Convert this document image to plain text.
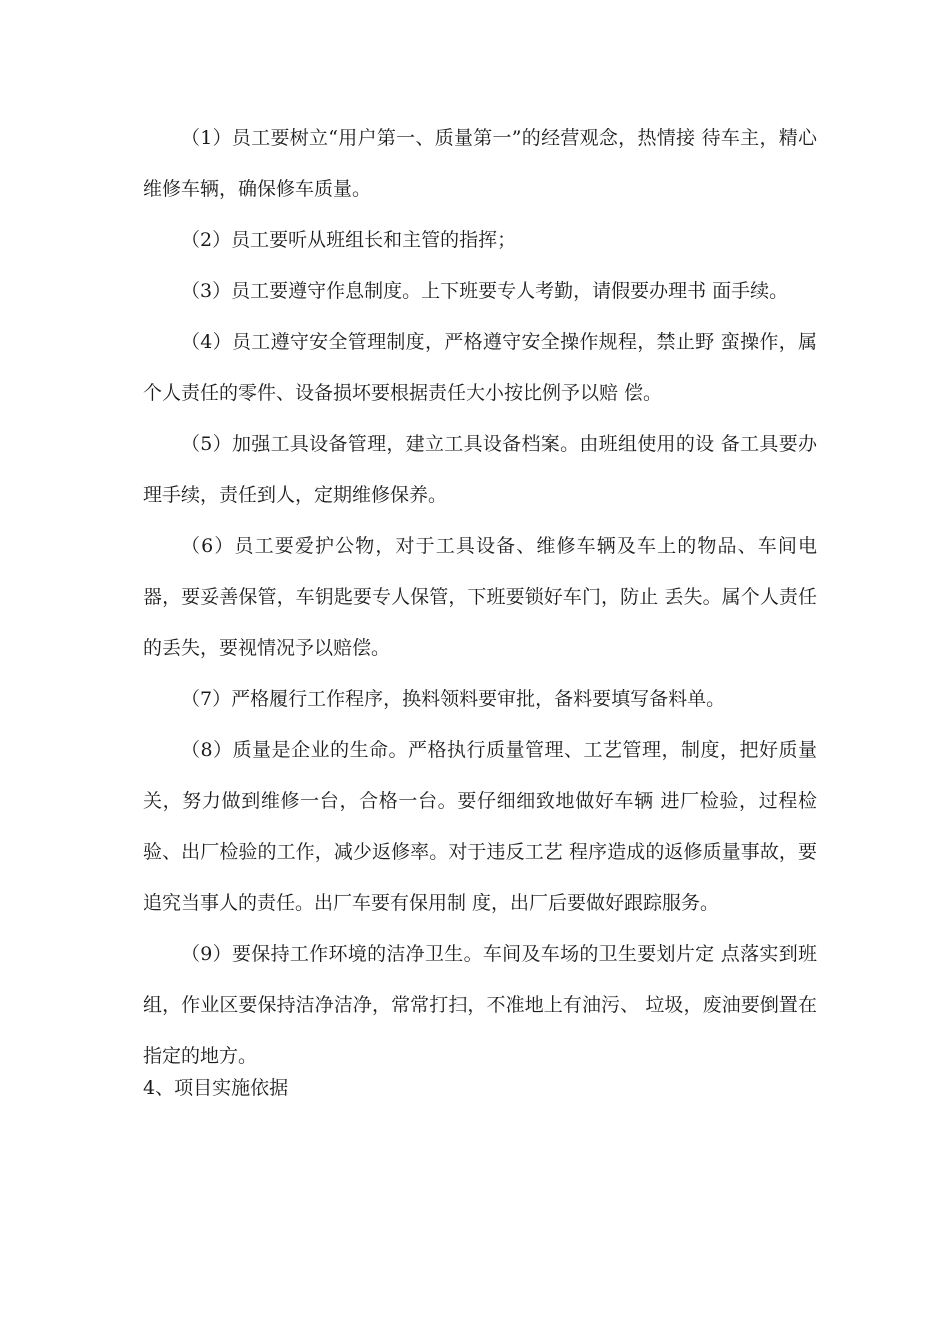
（1）员工要树立“用户第一、质量第一”的经营观念，热情接 待车主，精心维修车辆，确保修车质量。

（2）员工要听从班组长和主管的指挥；

（3）员工要遵守作息制度。上下班要专人考勤，请假要办理书 面手续。

（4）员工遵守安全管理制度，严格遵守安全操作规程，禁止野 蛮操作，属个人责任的零件、设备损坏要根据责任大小按比例予以赔 偿。

（5）加强工具设备管理，建立工具设备档案。由班组使用的设 备工具要办理手续，责任到人，定期维修保养。

（6）员工要爱护公物，对于工具设备、维修车辆及车上的物品、车间电器，要妥善保管，车钥匙要专人保管，下班要锁好车门，防止 丢失。属个人责任的丢失，要视情况予以赔偿。

（7）严格履行工作程序，换料领料要审批，备料要填写备料单。

（8）质量是企业的生命。严格执行质量管理、工艺管理，制度，把好质量关，努力做到维修一台，合格一台。要仔细细致地做好车辆 进厂检验，过程检验、出厂检验的工作，减少返修率。对于违反工艺 程序造成的返修质量事故，要追究当事人的责任。出厂车要有保用制 度，出厂后要做好跟踪服务。

（9）要保持工作环境的洁净卫生。车间及车场的卫生要划片定 点落实到班组，作业区要保持洁净洁净，常常打扫，不准地上有油污、 垃圾，废油要倒置在指定的地方。

4、项目实施依据
